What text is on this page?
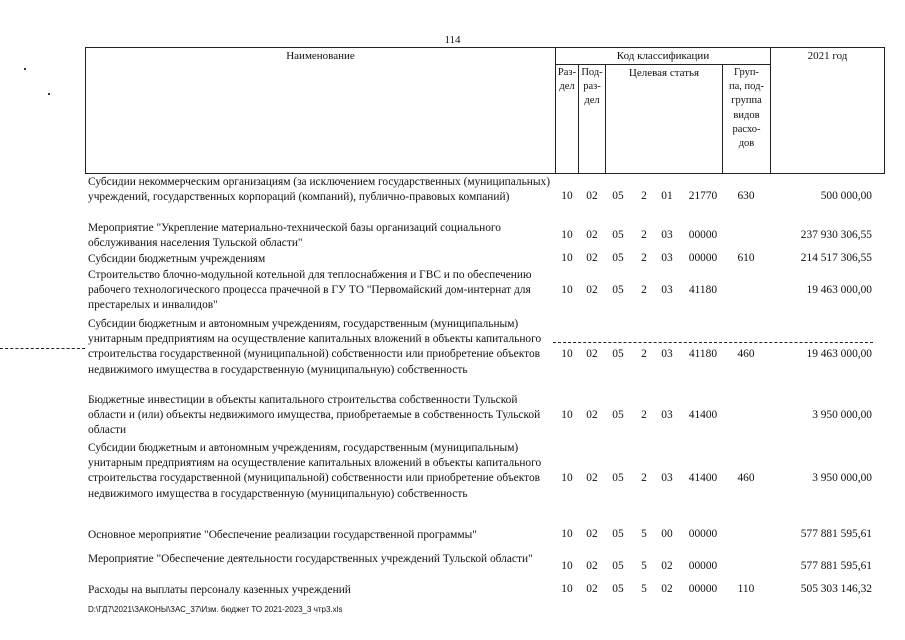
114
Наименование	Код классификации	2021 год
Раз-
дел
Под-
раз-
дел
Целевая статья	Груп-
па, под-
группа
видов
расхо-
дов
Субсидии некоммерческим организациям (за исключением государственных (муниципальных) учреждений, государственных корпораций (компаний), публично-правовых компаний)	10	02	05	2	01	21770	630	500 000,00
Мероприятие "Укрепление материально-технической базы организаций социального обслуживания населения Тульской области"
10	02	05	2	03	00000	237 930 306,55
Субсидии бюджетным учреждениям	10	02	05	2	03	00000	610	214 517 306,55
Строительство блочно-модульной котельной для теплоснабжения и ГВС и по обеспечению рабочего технологического процесса прачечной в ГУ ТО "Первомайский дом-интернат для престарелых и инвалидов"
10	02	05	2	03	41180	19 463 000,00
Субсидии бюджетным и автономным учреждениям, государственным (муниципальным) унитарным предприятиям на осуществление капитальных вложений в объекты капитального строительства государственной (муниципальной) собственности или приобретение объектов недвижимого имущества в государственную (муниципальную) собственность
10	02	05	2	03	41180	460	19 463 000,00
Бюджетные инвестиции в объекты капитального строительства собственности Тульской области и (или) объекты недвижимого имущества, приобретаемые в собственность Тульской области
10	02	05	2	03	41400	3 950 000,00
Субсидии бюджетным и автономным учреждениям, государственным (муниципальным) унитарным предприятиям на осуществление капитальных вложений в объекты капитального строительства государственной (муниципальной) собственности или приобретение объектов недвижимого имущества в государственную (муниципальную) собственность
10	02	05	2	03	41400	460	3 950 000,00
Основное мероприятие "Обеспечение реализации государственной программы"	10	02	05	5	00	00000	577 881 595,61
Мероприятие "Обеспечение деятельности государственных учреждений Тульской области"
10	02	05	5	02	00000	577 881 595,61
Расходы на выплаты персоналу казенных учреждений	10	02	05	5	02	00000	110	505 303 146,32
D:\ГД7\2021\ЗАКОНЫ\ЗАС_37\Изм. бюджет ТО 2021-2023_3 чтр3.xls
